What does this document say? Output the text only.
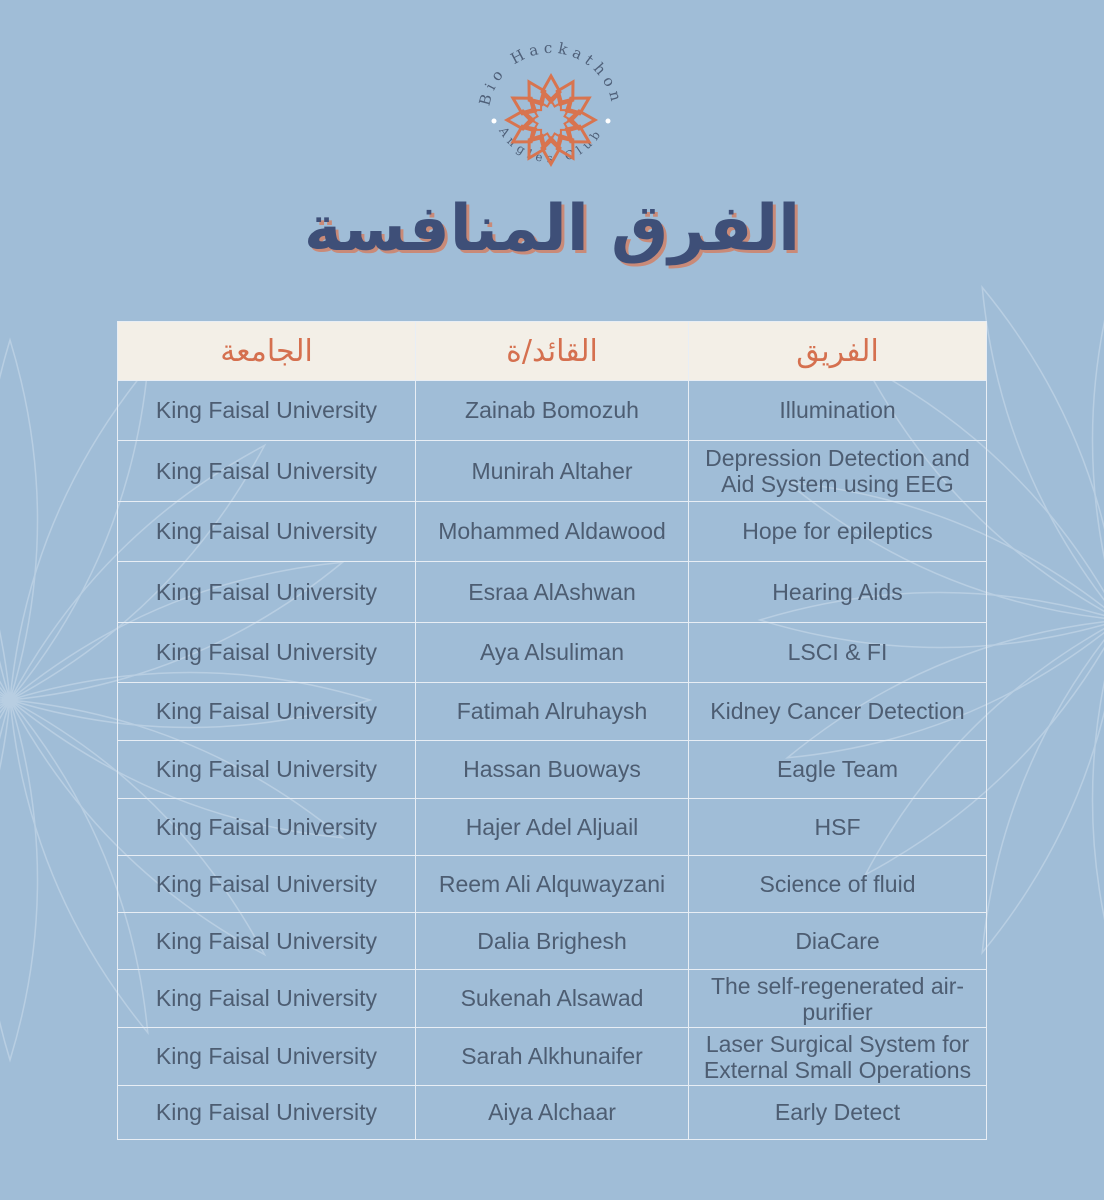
Bio Hackathon
Angles Club
الفرق المنافسة
الجامعة	القائد/ة	الفريق
King Faisal University	Zainab Bomozuh	Illumination
King Faisal University	Munirah Altaher	Depression Detection and Aid System using EEG
King Faisal University	Mohammed Aldawood	Hope for epileptics
King Faisal University	Esraa AlAshwan	Hearing Aids
King Faisal University	Aya Alsuliman	LSCI & FI
King Faisal University	Fatimah Alruhaysh	Kidney Cancer Detection
King Faisal University	Hassan Buoways	Eagle Team
King Faisal University	Hajer Adel Aljuail	HSF
King Faisal University	Reem Ali Alquwayzani	Science of fluid
King Faisal University	Dalia Brighesh	DiaCare
King Faisal University	Sukenah Alsawad	The self-regenerated air-purifier
King Faisal University	Sarah Alkhunaifer	Laser Surgical System for External Small Operations
King Faisal University	Aiya Alchaar	Early Detect
